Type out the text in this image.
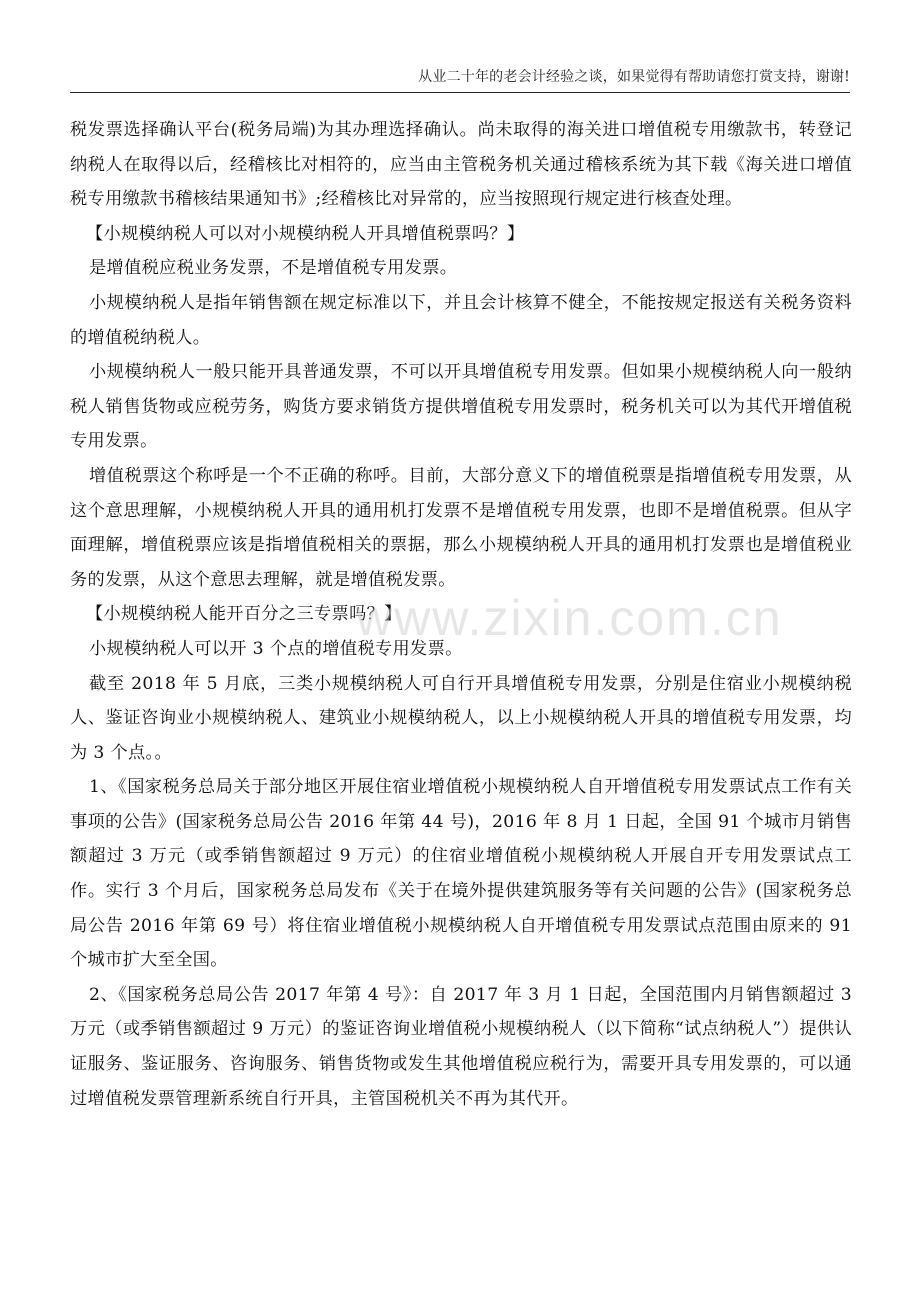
从业二十年的老会计经验之谈，如果觉得有帮助请您打赏支持，谢谢!

税发票选择确认平台(税务局端)为其办理选择确认。尚未取得的海关进口增值税专用缴款书，转登记纳税人在取得以后，经稽核比对相符的，应当由主管税务机关通过稽核系统为其下载《海关进口增值税专用缴款书稽核结果通知书》;经稽核比对异常的，应当按照现行规定进行核查处理。

【小规模纳税人可以对小规模纳税人开具增值税票吗？】

是增值税应税业务发票，不是增值税专用发票。

小规模纳税人是指年销售额在规定标准以下，并且会计核算不健全，不能按规定报送有关税务资料的增值税纳税人。

小规模纳税人一般只能开具普通发票，不可以开具增值税专用发票。但如果小规模纳税人向一般纳税人销售货物或应税劳务，购货方要求销货方提供增值税专用发票时，税务机关可以为其代开增值税专用发票。

增值税票这个称呼是一个不正确的称呼。目前，大部分意义下的增值税票是指增值税专用发票，从这个意思理解，小规模纳税人开具的通用机打发票不是增值税专用发票，也即不是增值税票。但从字面理解，增值税票应该是指增值税相关的票据，那么小规模纳税人开具的通用机打发票也是增值税业务的发票，从这个意思去理解，就是增值税发票。

【小规模纳税人能开百分之三专票吗？】

小规模纳税人可以开 3 个点的增值税专用发票。

截至 2018 年 5 月底，三类小规模纳税人可自行开具增值税专用发票，分别是住宿业小规模纳税人、鉴证咨询业小规模纳税人、建筑业小规模纳税人，以上小规模纳税人开具的增值税专用发票，均为 3 个点。。

1、《国家税务总局关于部分地区开展住宿业增值税小规模纳税人自开增值税专用发票试点工作有关事项的公告》(国家税务总局公告 2016 年第 44 号)，2016 年 8 月 1 日起，全国 91 个城市月销售额超过 3 万元（或季销售额超过 9 万元）的住宿业增值税小规模纳税人开展自开专用发票试点工作。实行 3 个月后，国家税务总局发布《关于在境外提供建筑服务等有关问题的公告》(国家税务总局公告 2016 年第 69 号）将住宿业增值税小规模纳税人自开增值税专用发票试点范围由原来的 91 个城市扩大至全国。

2、《国家税务总局公告 2017 年第 4 号》：自 2017 年 3 月 1 日起，全国范围内月销售额超过 3 万元（或季销售额超过 9 万元）的鉴证咨询业增值税小规模纳税人（以下简称“试点纳税人”）提供认证服务、鉴证服务、咨询服务、销售货物或发生其他增值税应税行为，需要开具专用发票的，可以通过增值税发票管理新系统自行开具，主管国税机关不再为其代开。

www.zixin.com.cn
